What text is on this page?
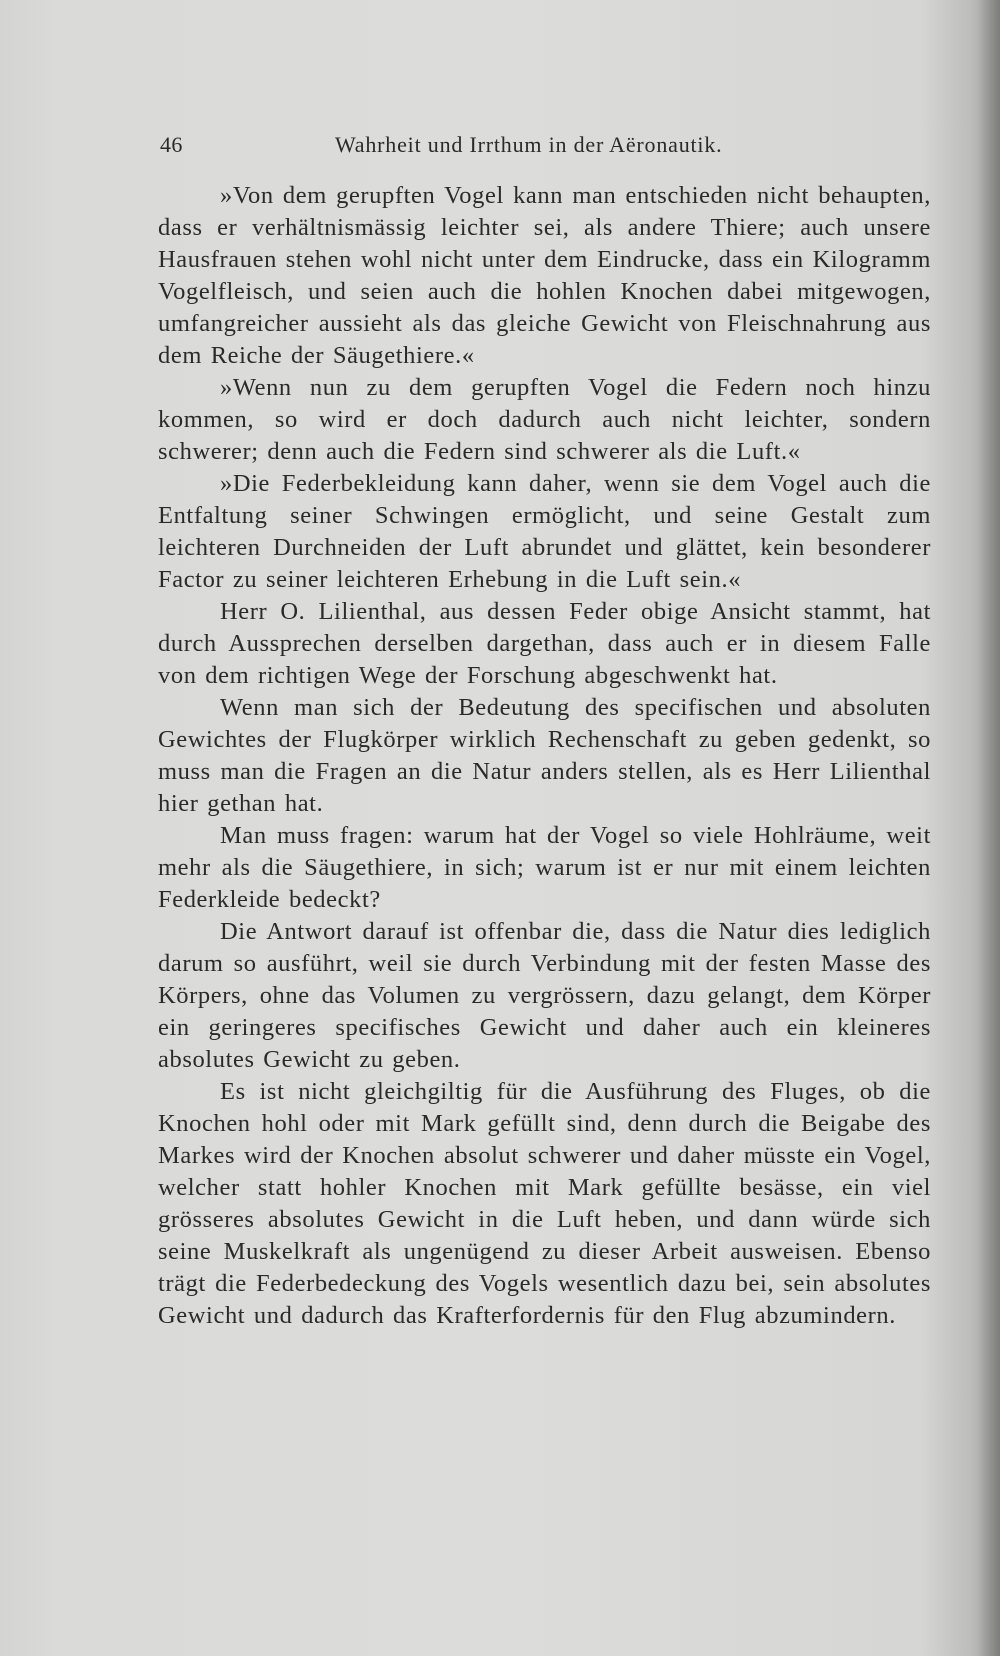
46	Wahrheit und Irrthum in der Aëronautik.

»Von dem gerupften Vogel kann man entschieden nicht behaupten, dass er verhältnismässig leichter sei, als andere Thiere; auch unsere Hausfrauen stehen wohl nicht unter dem Eindrucke, dass ein Kilogramm Vogelfleisch, und seien auch die hohlen Knochen dabei mitgewogen, umfangreicher aussieht als das gleiche Gewicht von Fleischnahrung aus dem Reiche der Säugethiere.«

»Wenn nun zu dem gerupften Vogel die Federn noch hinzu kommen, so wird er doch dadurch auch nicht leichter, sondern schwerer; denn auch die Federn sind schwerer als die Luft.«

»Die Federbekleidung kann daher, wenn sie dem Vogel auch die Entfaltung seiner Schwingen ermöglicht, und seine Gestalt zum leichteren Durchneiden der Luft abrundet und glättet, kein besonderer Factor zu seiner leichteren Erhebung in die Luft sein.«

Herr O. Lilienthal, aus dessen Feder obige Ansicht stammt, hat durch Aussprechen derselben dargethan, dass auch er in diesem Falle von dem richtigen Wege der Forschung abgeschwenkt hat.

Wenn man sich der Bedeutung des specifischen und absoluten Gewichtes der Flugkörper wirklich Rechenschaft zu geben gedenkt, so muss man die Fragen an die Natur anders stellen, als es Herr Lilienthal hier gethan hat.

Man muss fragen: warum hat der Vogel so viele Hohlräume, weit mehr als die Säugethiere, in sich; warum ist er nur mit einem leichten Federkleide bedeckt?

Die Antwort darauf ist offenbar die, dass die Natur dies lediglich darum so ausführt, weil sie durch Verbindung mit der festen Masse des Körpers, ohne das Volumen zu vergrössern, dazu gelangt, dem Körper ein geringeres specifisches Gewicht und daher auch ein kleineres absolutes Gewicht zu geben.

Es ist nicht gleichgiltig für die Ausführung des Fluges, ob die Knochen hohl oder mit Mark gefüllt sind, denn durch die Beigabe des Markes wird der Knochen absolut schwerer und daher müsste ein Vogel, welcher statt hohler Knochen mit Mark gefüllte besässe, ein viel grösseres absolutes Gewicht in die Luft heben, und dann würde sich seine Muskelkraft als ungenügend zu dieser Arbeit ausweisen. Ebenso trägt die Federbedeckung des Vogels wesentlich dazu bei, sein absolutes Gewicht und dadurch das Krafterfordernis für den Flug abzumindern.
